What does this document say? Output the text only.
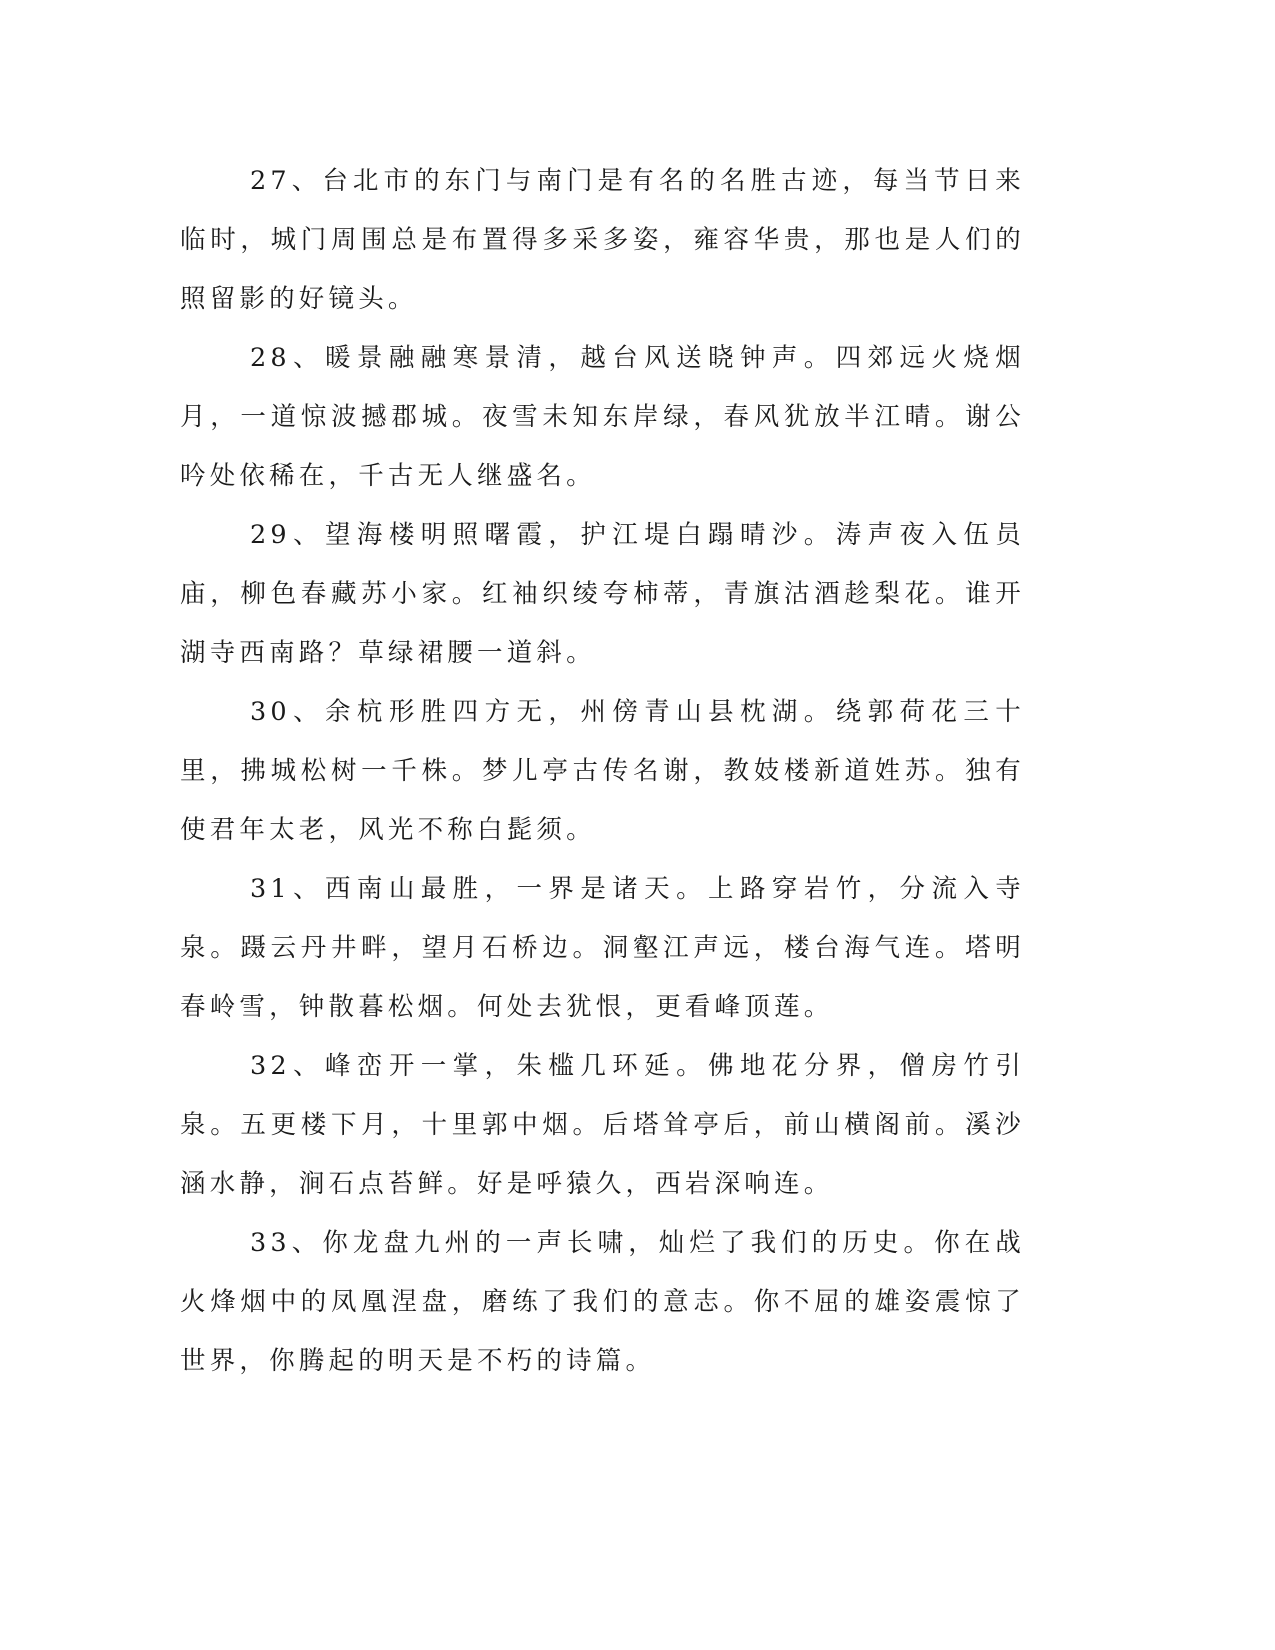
27、台北市的东门与南门是有名的名胜古迹，每当节日来临时，城门周围总是布置得多采多姿，雍容华贵，那也是人们的照留影的好镜头。

28、暖景融融寒景清，越台风送晓钟声。四郊远火烧烟月，一道惊波撼郡城。夜雪未知东岸绿，春风犹放半江晴。谢公吟处依稀在，千古无人继盛名。

29、望海楼明照曙霞，护江堤白蹋晴沙。涛声夜入伍员庙，柳色春藏苏小家。红袖织绫夸柿蒂，青旗沽酒趁梨花。谁开湖寺西南路？草绿裙腰一道斜。

30、余杭形胜四方无，州傍青山县枕湖。绕郭荷花三十里，拂城松树一千株。梦儿亭古传名谢，教妓楼新道姓苏。独有使君年太老，风光不称白髭须。

31、西南山最胜，一界是诸天。上路穿岩竹，分流入寺泉。蹑云丹井畔，望月石桥边。洞壑江声远，楼台海气连。塔明春岭雪，钟散暮松烟。何处去犹恨，更看峰顶莲。

32、峰峦开一掌，朱槛几环延。佛地花分界，僧房竹引泉。五更楼下月，十里郭中烟。后塔耸亭后，前山横阁前。溪沙涵水静，涧石点苔鲜。好是呼猿久，西岩深响连。

33、你龙盘九州的一声长啸，灿烂了我们的历史。你在战火烽烟中的凤凰涅盘，磨练了我们的意志。你不屈的雄姿震惊了世界，你腾起的明天是不朽的诗篇。
